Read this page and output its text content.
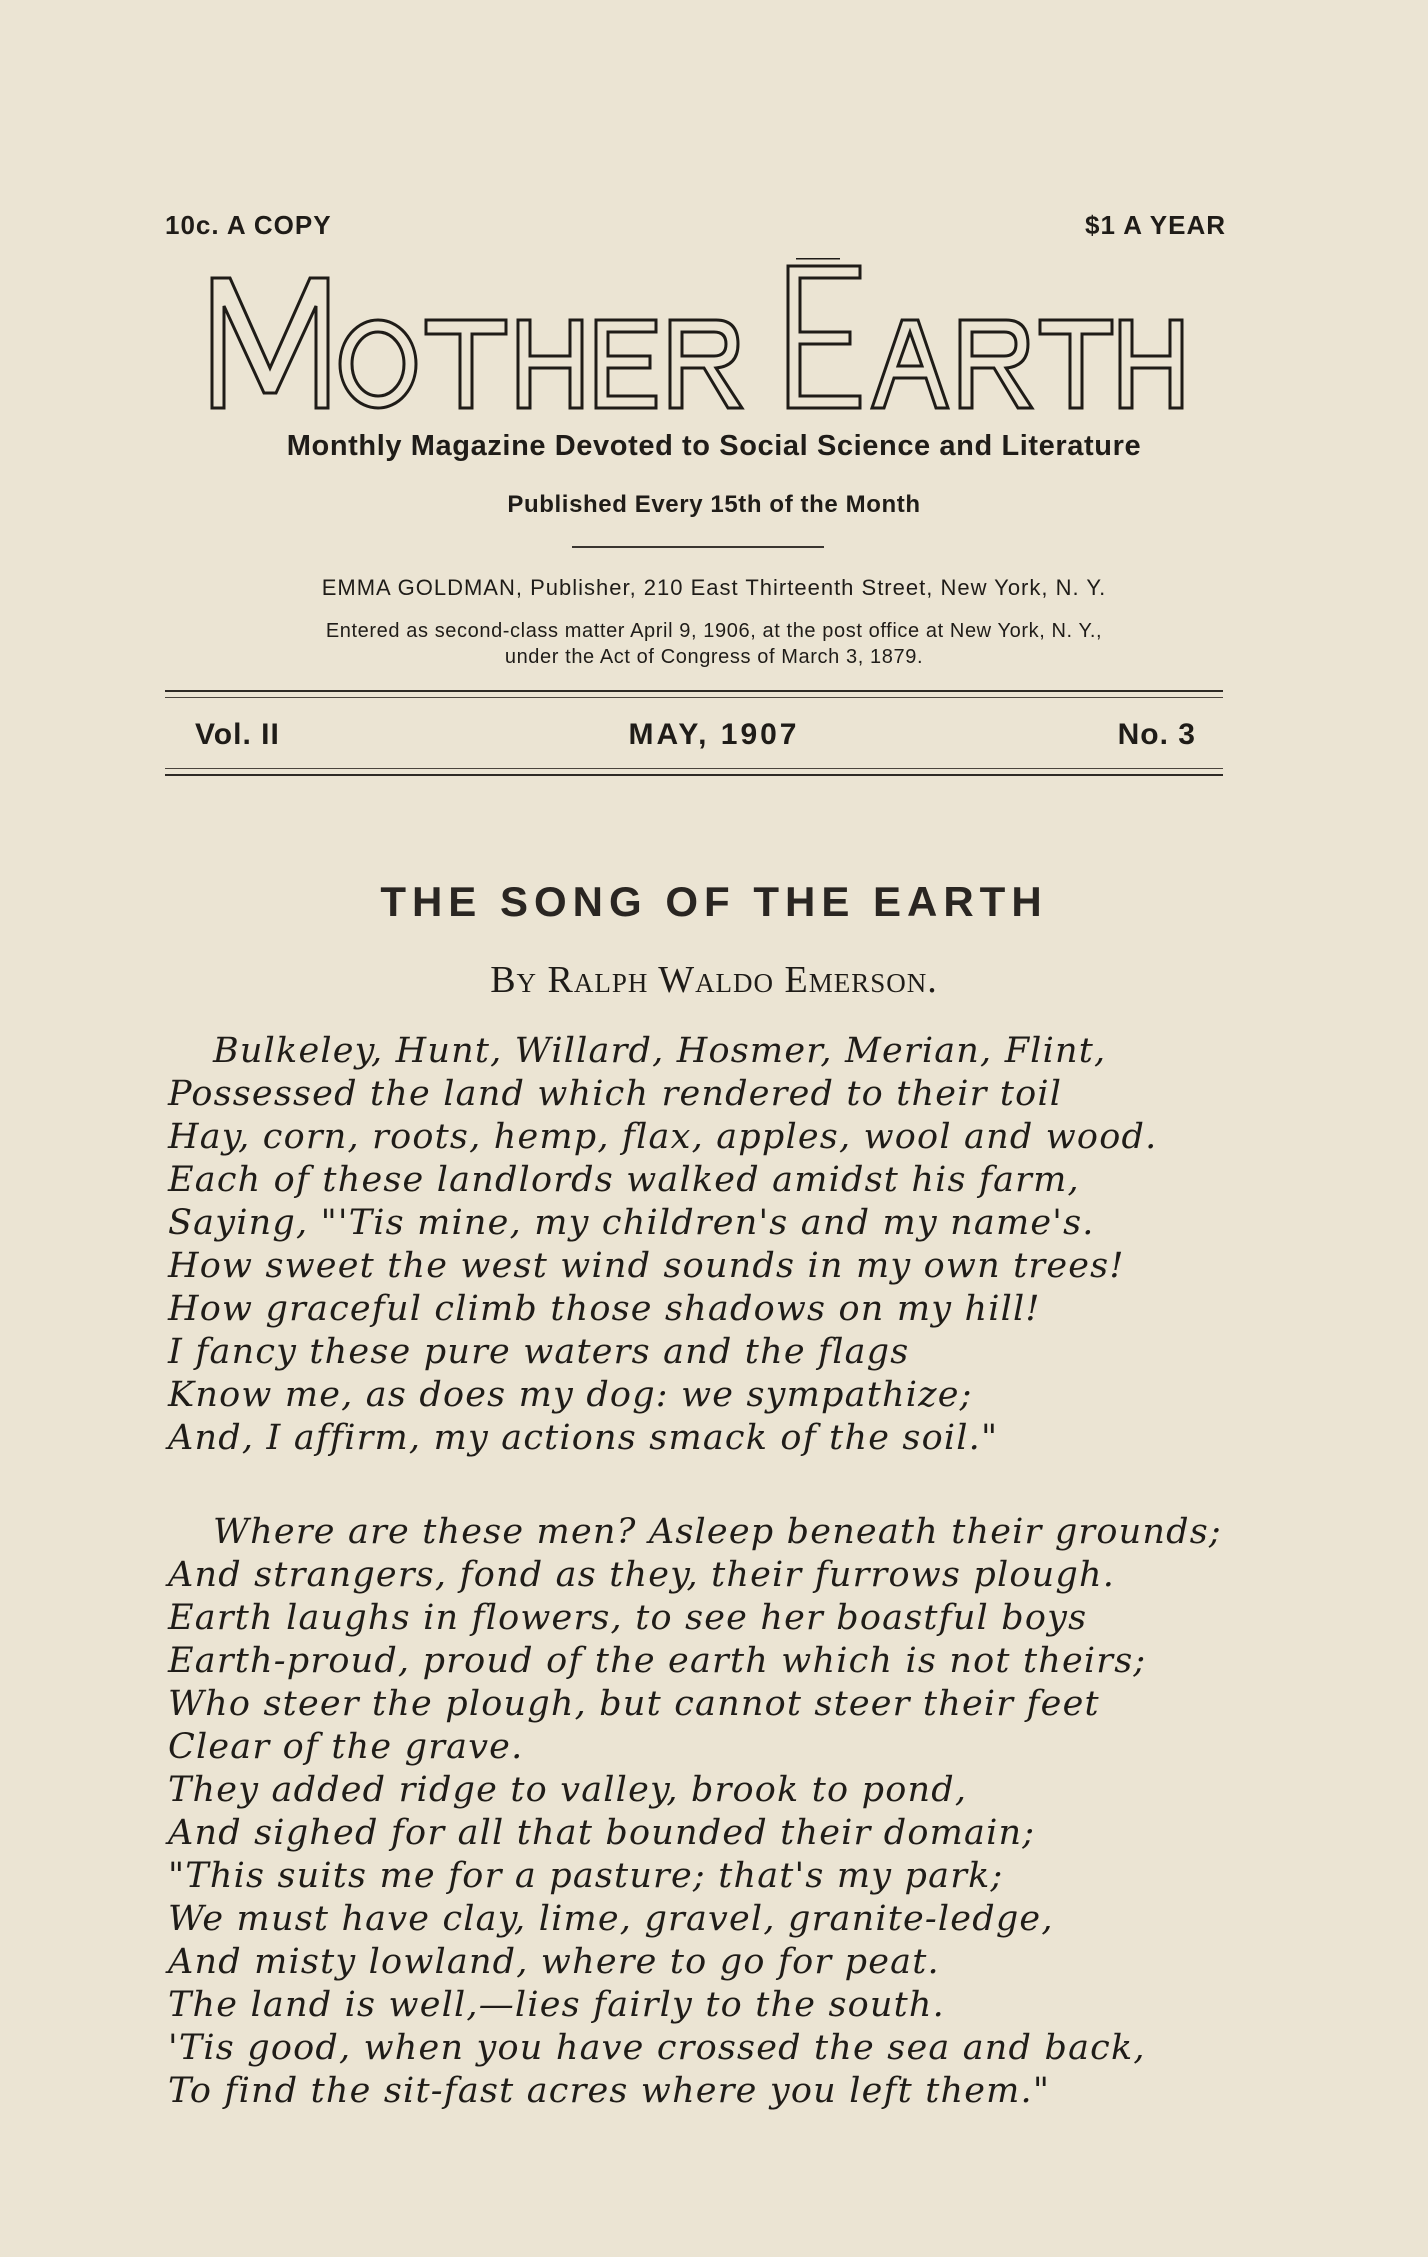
10c. A COPY	$1 A YEAR
Monthly Magazine Devoted to Social Science and Literature
Published Every 15th of the Month
EMMA GOLDMAN, Publisher, 210 East Thirteenth Street, New York, N. Y.
Entered as second-class matter April 9, 1906, at the post office at New York, N. Y.,
under the Act of Congress of March 3, 1879.
Vol. II	MAY, 1907	No. 3
THE SONG OF THE EARTH
By Ralph Waldo Emerson.
Bulkeley, Hunt, Willard, Hosmer, Merian, Flint,
Possessed the land which rendered to their toil
Hay, corn, roots, hemp, flax, apples, wool and wood.
Each of these landlords walked amidst his farm,
Saying, "'Tis mine, my children's and my name's.
How sweet the west wind sounds in my own trees!
How graceful climb those shadows on my hill!
I fancy these pure waters and the flags
Know me, as does my dog: we sympathize;
And, I affirm, my actions smack of the soil."
Where are these men? Asleep beneath their grounds;
And strangers, fond as they, their furrows plough.
Earth laughs in flowers, to see her boastful boys
Earth-proud, proud of the earth which is not theirs;
Who steer the plough, but cannot steer their feet
Clear of the grave.
They added ridge to valley, brook to pond,
And sighed for all that bounded their domain;
"This suits me for a pasture; that's my park;
We must have clay, lime, gravel, granite-ledge,
And misty lowland, where to go for peat.
The land is well,—lies fairly to the south.
'Tis good, when you have crossed the sea and back,
To find the sit-fast acres where you left them."
